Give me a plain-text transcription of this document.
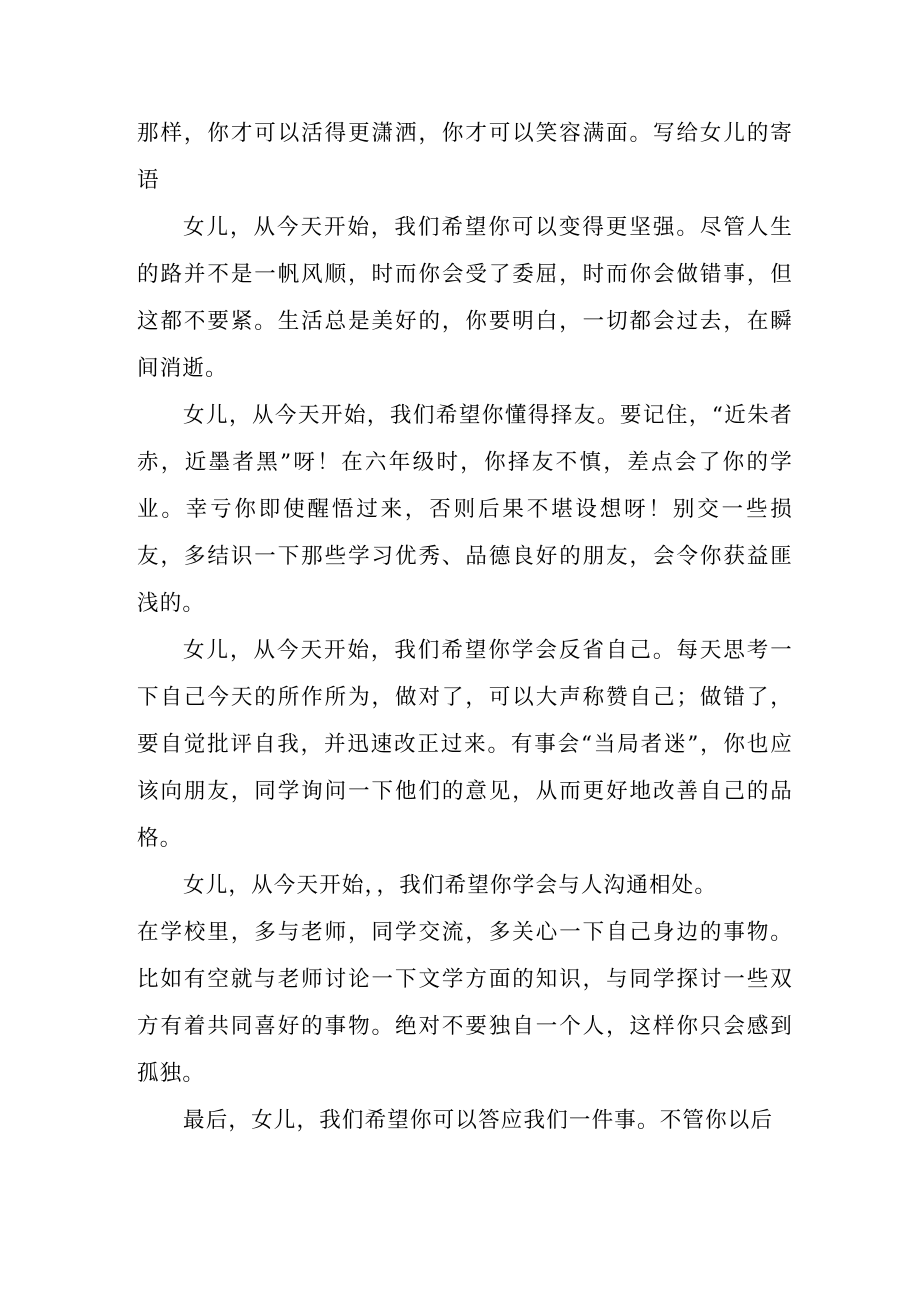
那样，你才可以活得更潇洒，你才可以笑容满面。写给女儿的寄语

女儿，从今天开始，我们希望你可以变得更坚强。尽管人生的路并不是一帆风顺，时而你会受了委屈，时而你会做错事，但这都不要紧。生活总是美好的，你要明白，一切都会过去，在瞬间消逝。

女儿，从今天开始，我们希望你懂得择友。要记住，“近朱者赤，近墨者黑”呀！在六年级时，你择友不慎，差点会了你的学业。幸亏你即使醒悟过来，否则后果不堪设想呀！别交一些损友，多结识一下那些学习优秀、品德良好的朋友，会令你获益匪浅的。

女儿，从今天开始，我们希望你学会反省自己。每天思考一下自己今天的所作所为，做对了，可以大声称赞自己；做错了，要自觉批评自我，并迅速改正过来。有事会“当局者迷”，你也应该向朋友，同学询问一下他们的意见，从而更好地改善自己的品格。

女儿，从今天开始，，我们希望你学会与人沟通相处。

在学校里，多与老师，同学交流，多关心一下自己身边的事物。比如有空就与老师讨论一下文学方面的知识，与同学探讨一些双方有着共同喜好的事物。绝对不要独自一个人，这样你只会感到孤独。

最后，女儿，我们希望你可以答应我们一件事。不管你以后
